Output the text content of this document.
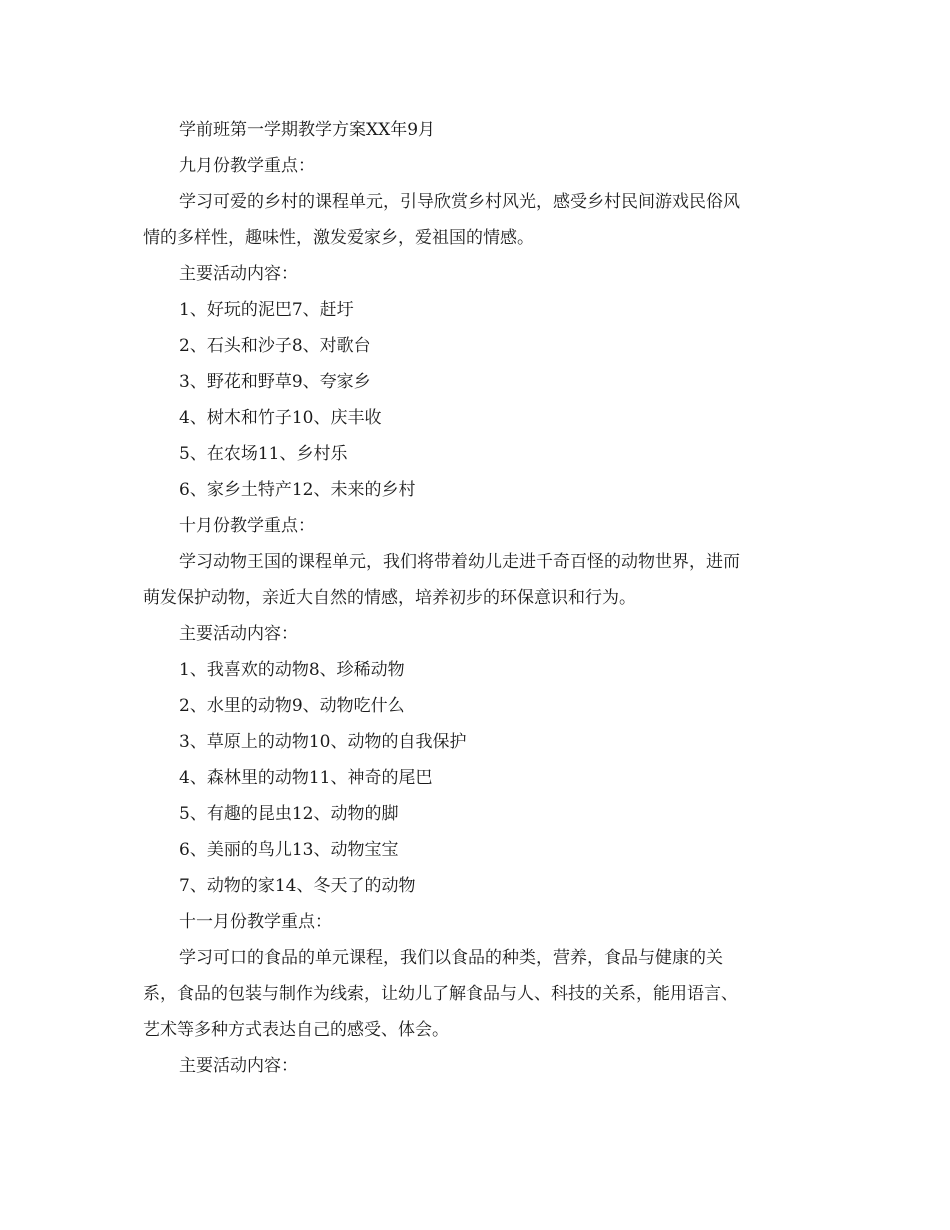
学前班第一学期教学方案XX年9月

九月份教学重点：

学习可爱的乡村的课程单元，引导欣赏乡村风光，感受乡村民间游戏民俗风
情的多样性，趣味性，激发爱家乡，爱祖国的情感。

主要活动内容：

1、好玩的泥巴7、赶圩

2、石头和沙子8、对歌台

3、野花和野草9、夸家乡

4、树木和竹子10、庆丰收

5、在农场11、乡村乐

6、家乡土特产12、未来的乡村

十月份教学重点：

学习动物王国的课程单元，我们将带着幼儿走进千奇百怪的动物世界，进而
萌发保护动物，亲近大自然的情感，培养初步的环保意识和行为。

主要活动内容：

1、我喜欢的动物8、珍稀动物

2、水里的动物9、动物吃什么

3、草原上的动物10、动物的自我保护

4、森林里的动物11、神奇的尾巴

5、有趣的昆虫12、动物的脚

6、美丽的鸟儿13、动物宝宝

7、动物的家14、冬天了的动物

十一月份教学重点：

学习可口的食品的单元课程，我们以食品的种类，营养，食品与健康的关
系，食品的包装与制作为线索，让幼儿了解食品与人、科技的关系，能用语言、
艺术等多种方式表达自己的感受、体会。

主要活动内容：
